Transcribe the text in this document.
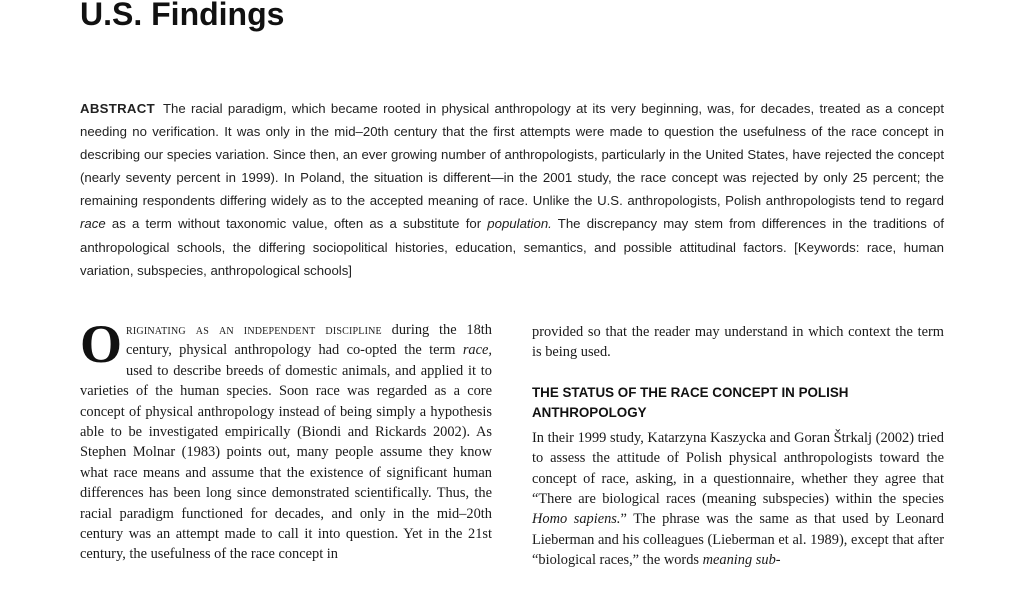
U.S. Findings

ABSTRACT The racial paradigm, which became rooted in physical anthropology at its very beginning, was, for decades, treated as a concept needing no verification. It was only in the mid–20th century that the first attempts were made to question the usefulness of the race concept in describing our species variation. Since then, an ever growing number of anthropologists, particularly in the United States, have rejected the concept (nearly seventy percent in 1999). In Poland, the situation is different—in the 2001 study, the race concept was rejected by only 25 percent; the remaining respondents differing widely as to the accepted meaning of race. Unlike the U.S. anthropologists, Polish anthropologists tend to regard race as a term without taxonomic value, often as a substitute for population. The discrepancy may stem from differences in the traditions of anthropological schools, the differing sociopolitical histories, education, semantics, and possible attitudinal factors. [Keywords: race, human variation, subspecies, anthropological schools]

Originating as an independent discipline during the 18th century, physical anthropology had co-opted the term race, used to describe breeds of domestic animals, and applied it to varieties of the human species. Soon race was regarded as a core concept of physical anthropology instead of being simply a hypothesis able to be investigated empirically (Biondi and Rickards 2002). As Stephen Molnar (1983) points out, many people assume they know what race means and assume that the existence of significant human differences has been long since demonstrated scientifically. Thus, the racial paradigm functioned for decades, and only in the mid–20th century was an attempt made to call it into question. Yet in the 21st century, the usefulness of the race concept in

provided so that the reader may understand in which context the term is being used.

THE STATUS OF THE RACE CONCEPT IN POLISH ANTHROPOLOGY

In their 1999 study, Katarzyna Kaszycka and Goran Štrkalj (2002) tried to assess the attitude of Polish physical anthropologists toward the concept of race, asking, in a questionnaire, whether they agree that “There are biological races (meaning subspecies) within the species Homo sapiens.” The phrase was the same as that used by Leonard Lieberman and his colleagues (Lieberman et al. 1989), except that after “biological races,” the words meaning sub-
